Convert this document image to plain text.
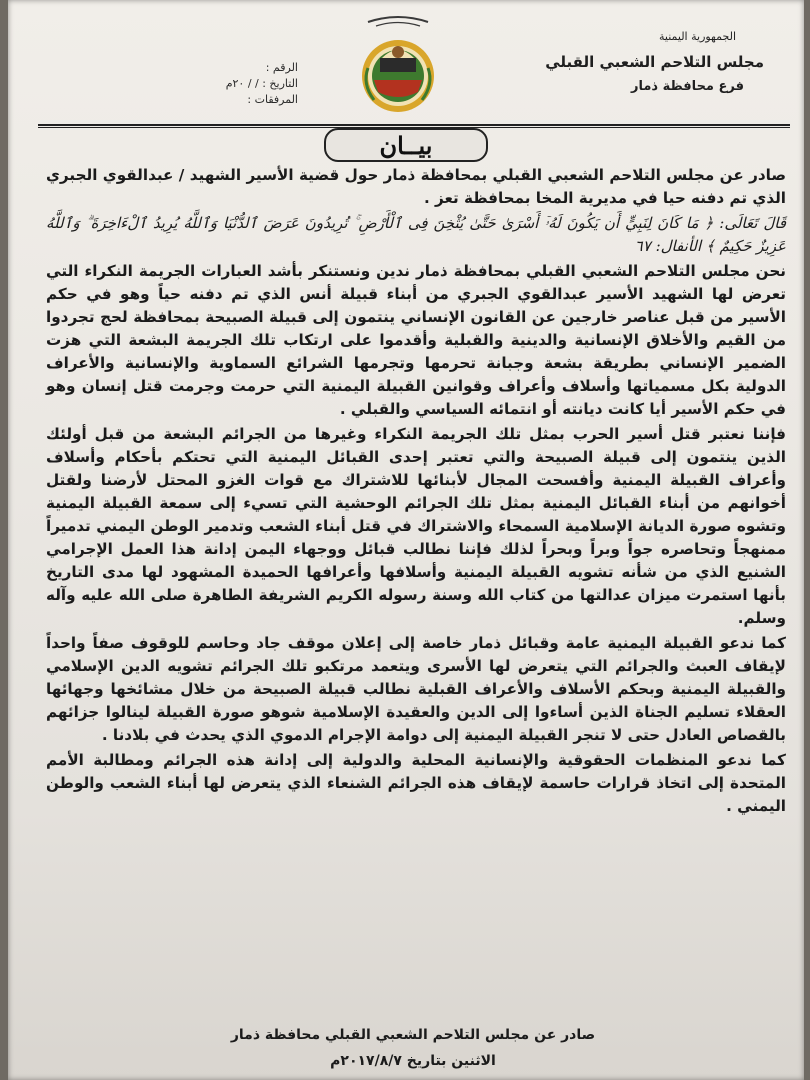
الجمهورية اليمنية
مجلس التلاحم الشعبي القبلي
فرع محافظة ذمار
الرقم :
التاريخ : / / ٢٠م
المرفقات :
بيــان

صادر عن مجلس التلاحم الشعبي القبلي بمحافظة ذمار حول قضية الأسير الشهيد / عبدالقوي الجبري الذي تم دفنه حيا في مديرية المخا بمحافظة تعز .

قَالَ تَعَالَى: ﴿ مَا كَانَ لِنَبِيٍّ أَن يَكُونَ لَهُۥٓ أَسْرَىٰ حَتَّىٰ يُثْخِنَ فِى ٱلْأَرْضِ ۚ تُرِيدُونَ عَرَضَ ٱلدُّنْيَا وَٱللَّهُ يُرِيدُ ٱلْءَاخِرَةَ ۗ وَٱللَّهُ عَزِيزٌ حَكِيمٌ ﴾ الأنفال: ٦٧

نحن مجلس التلاحم الشعبي القبلي بمحافظة ذمار ندين ونستنكر بأشد العبارات الجريمة النكراء التي تعرض لها الشهيد الأسير عبدالقوي الجبري من أبناء قبيلة أنس الذي تم دفنه حياً وهو في حكم الأسير من قبل عناصر خارجين عن القانون الإنساني ينتمون إلى قبيلة الصبيحة بمحافظة لحج تجردوا من القيم والأخلاق الإنسانية والدينية والقبلية وأقدموا على ارتكاب تلك الجريمة البشعة التي هزت الضمير الإنساني بطريقة بشعة وجبانة تحرمها وتجرمها الشرائع السماوية والإنسانية والأعراف الدولية بكل مسمياتها وأسلاف وأعراف وقوانين القبيلة اليمنية التي حرمت وجرمت قتل إنسان وهو في حكم الأسير أيا كانت ديانته أو انتمائه السياسي والقبلي .

فإننا نعتبر قتل أسير الحرب بمثل تلك الجريمة النكراء وغيرها من الجرائم البشعة من قبل أولئك الذين ينتمون إلى قبيلة الصبيحة والتي تعتبر إحدى القبائل اليمنية التي تحتكم بأحكام وأسلاف وأعراف القبيلة اليمنية وأفسحت المجال لأبنائها للاشتراك مع قوات الغزو المحتل لأرضنا ولقتل أخوانهم من أبناء القبائل اليمنية بمثل تلك الجرائم الوحشية التي تسيء إلى سمعة القبيلة اليمنية وتشوه صورة الديانة الإسلامية السمحاء والاشتراك في قتل أبناء الشعب وتدمير الوطن اليمني تدميراً ممنهجاً وتحاصره جواً وبراً وبحراً لذلك فإننا نطالب قبائل ووجهاء اليمن إدانة هذا العمل الإجرامي الشنيع الذي من شأنه تشويه القبيلة اليمنية وأسلافها وأعرافها الحميدة المشهود لها مدى التاريخ بأنها استمرت ميزان عدالتها من كتاب الله وسنة رسوله الكريم الشريفة الطاهرة صلى الله عليه وآله وسلم.

كما ندعو القبيلة اليمنية عامة وقبائل ذمار خاصة إلى إعلان موقف جاد وحاسم للوقوف صفاً واحداً لإيقاف العبث والجرائم التي يتعرض لها الأسرى ويتعمد مرتكبو تلك الجرائم تشويه الدين الإسلامي والقبيلة اليمنية وبحكم الأسلاف والأعراف القبلية نطالب قبيلة الصبيحة من خلال مشائخها وجهائها العقلاء تسليم الجناة الذين أساءوا إلى الدين والعقيدة الإسلامية شوهو صورة القبيلة لينالوا جزائهم بالقصاص العادل حتى لا تنجر القبيلة اليمنية إلى دوامة الإجرام الدموي الذي يحدث في بلادنا .

كما ندعو المنظمات الحقوقية والإنسانية المحلية والدولية إلى إدانة هذه الجرائم ومطالبة الأمم المتحدة إلى اتخاذ قرارات حاسمة لإيقاف هذه الجرائم الشنعاء الذي يتعرض لها أبناء الشعب والوطن اليمني .

صادر عن مجلس التلاحم الشعبي القبلي محافظة ذمار
الاثنين بتاريخ ٢٠١٧/٨/٧م
